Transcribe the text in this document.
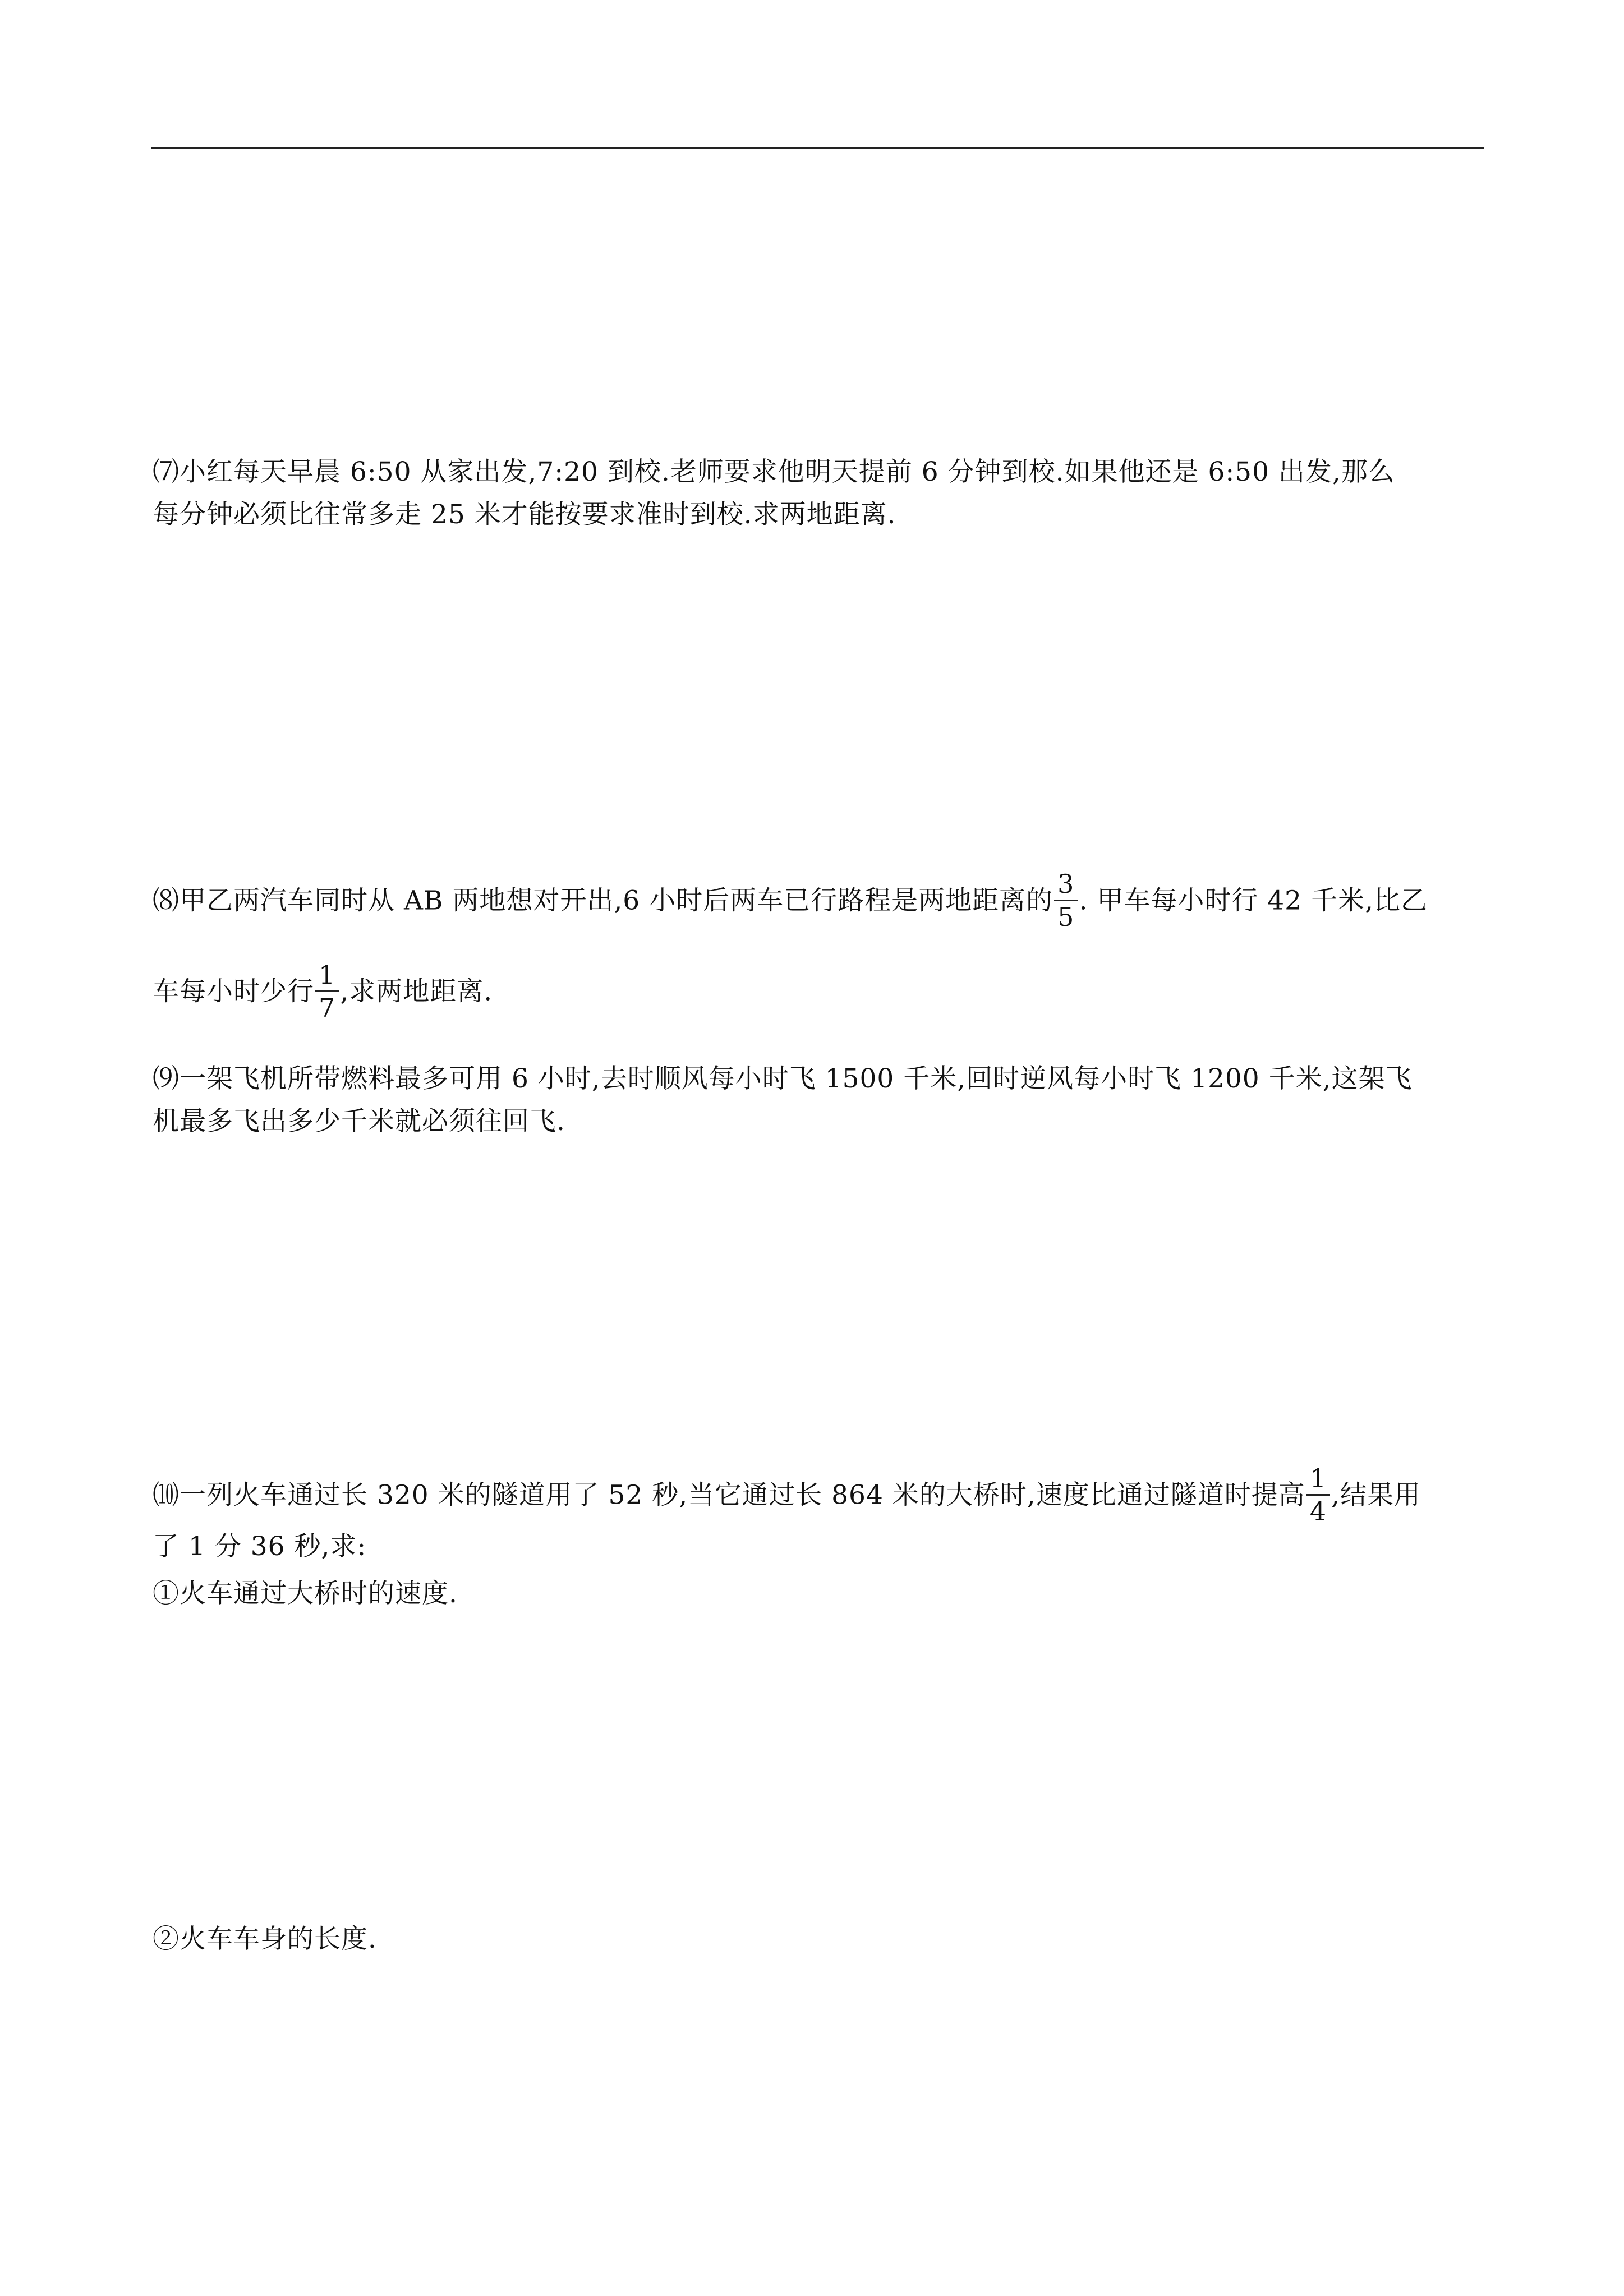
⑺小红每天早晨 6:50 从家出发,7:20 到校.老师要求他明天提前 6 分钟到校.如果他还是 6:50 出发,那么
每分钟必须比往常多走 25 米才能按要求准时到校.求两地距离.
⑻甲乙两汽车同时从 AB 两地想对开出,6 小时后两车已行路程是两地距离的 $\frac{3}{5}$ . 甲车每小时行 42 千米,比乙
车每小时少行 $\frac{1}{7}$ ,求两地距离.
⑼一架飞机所带燃料最多可用 6 小时,去时顺风每小时飞 1500 千米,回时逆风每小时飞 1200 千米,这架飞
机最多飞出多少千米就必须往回飞.
⑽一列火车通过长 320 米的隧道用了 52 秒,当它通过长 864 米的大桥时,速度比通过隧道时提高 $\frac{1}{4}$ ,结果用
了 1 分 36 秒,求:
①火车通过大桥时的速度.
②火车车身的长度.
